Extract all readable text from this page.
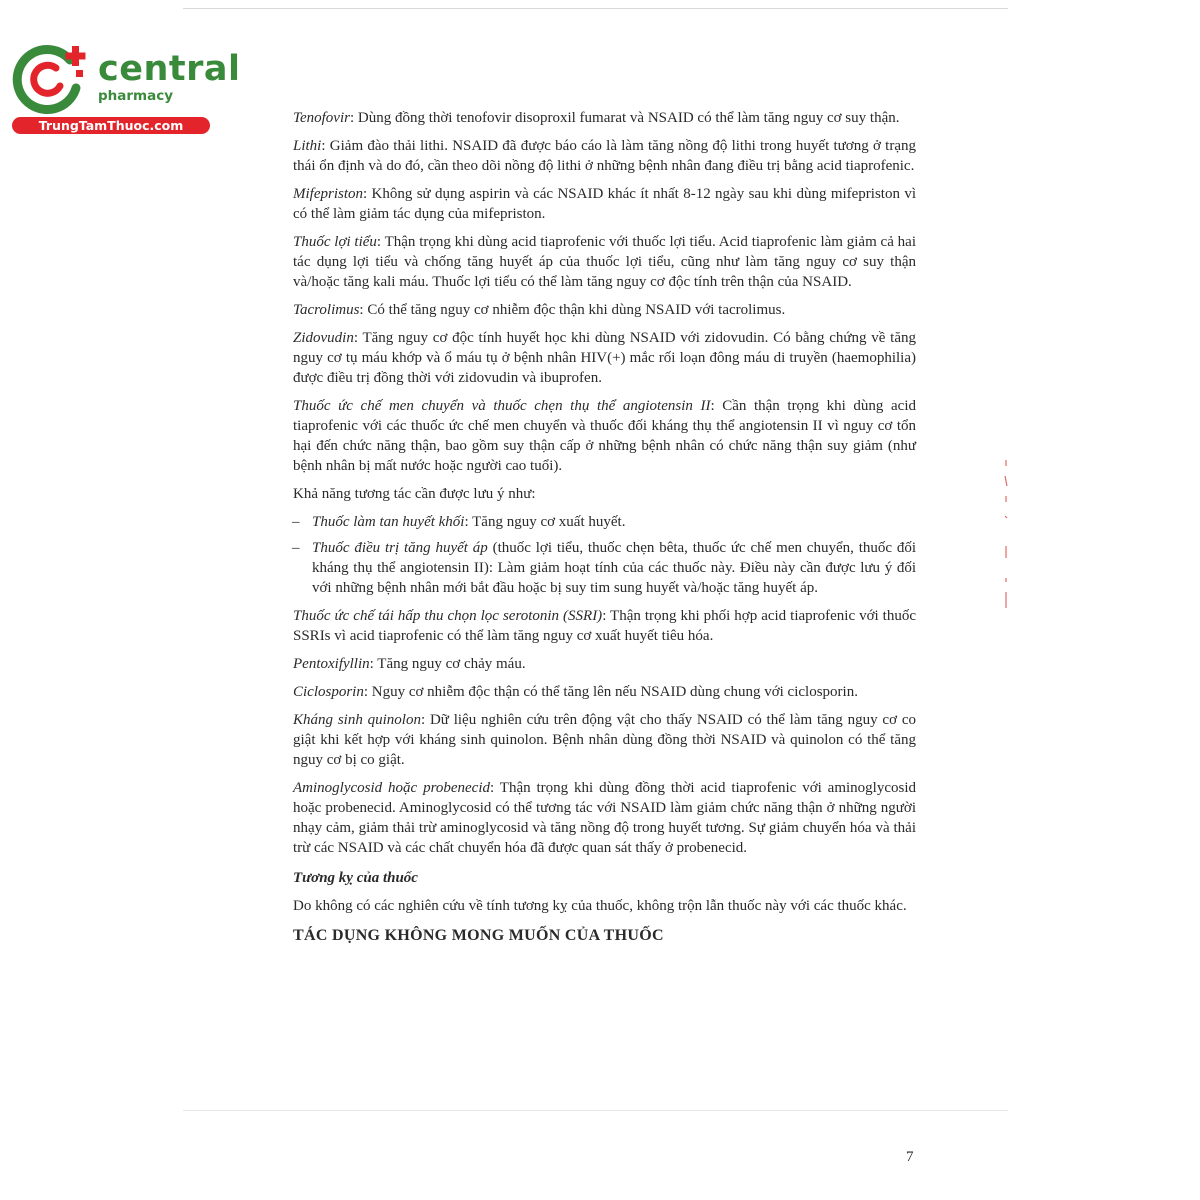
central
pharmacy
TrungTamThuoc.com	Tenofovir: Dùng đồng thời tenofovir disoproxil fumarat và NSAID có thể làm tăng nguy cơ suy thận.

Lithi: Giảm đào thải lithi. NSAID đã được báo cáo là làm tăng nồng độ lithi trong huyết tương ở trạng thái ổn định và do đó, cần theo dõi nồng độ lithi ở những bệnh nhân đang điều trị bằng acid tiaprofenic.

Mifepriston: Không sử dụng aspirin và các NSAID khác ít nhất 8-12 ngày sau khi dùng mifepriston vì có thể làm giảm tác dụng của mifepriston.

Thuốc lợi tiểu: Thận trọng khi dùng acid tiaprofenic với thuốc lợi tiểu. Acid tiaprofenic làm giảm cả hai tác dụng lợi tiểu và chống tăng huyết áp của thuốc lợi tiểu, cũng như làm tăng nguy cơ suy thận và/hoặc tăng kali máu. Thuốc lợi tiểu có thể làm tăng nguy cơ độc tính trên thận của NSAID.

Tacrolimus: Có thể tăng nguy cơ nhiễm độc thận khi dùng NSAID với tacrolimus.

Zidovudin: Tăng nguy cơ độc tính huyết học khi dùng NSAID với zidovudin. Có bằng chứng về tăng nguy cơ tụ máu khớp và ổ máu tụ ở bệnh nhân HIV(+) mắc rối loạn đông máu di truyền (haemophilia) được điều trị đồng thời với zidovudin và ibuprofen.

Thuốc ức chế men chuyển và thuốc chẹn thụ thể angiotensin II: Cần thận trọng khi dùng acid tiaprofenic với các thuốc ức chế men chuyển và thuốc đối kháng thụ thể angiotensin II vì nguy cơ tổn hại đến chức năng thận, bao gồm suy thận cấp ở những bệnh nhân có chức năng thận suy giảm (như bệnh nhân bị mất nước hoặc người cao tuổi).

Khả năng tương tác cần được lưu ý như:

– Thuốc làm tan huyết khối: Tăng nguy cơ xuất huyết.
– Thuốc điều trị tăng huyết áp (thuốc lợi tiểu, thuốc chẹn bêta, thuốc ức chế men chuyển, thuốc đối kháng thụ thể angiotensin II): Làm giảm hoạt tính của các thuốc này. Điều này cần được lưu ý đối với những bệnh nhân mới bắt đầu hoặc bị suy tim sung huyết và/hoặc tăng huyết áp.

Thuốc ức chế tái hấp thu chọn lọc serotonin (SSRI): Thận trọng khi phối hợp acid tiaprofenic với thuốc SSRIs vì acid tiaprofenic có thể làm tăng nguy cơ xuất huyết tiêu hóa.

Pentoxifyllin: Tăng nguy cơ chảy máu.

Ciclosporin: Nguy cơ nhiễm độc thận có thể tăng lên nếu NSAID dùng chung với ciclosporin.

Kháng sinh quinolon: Dữ liệu nghiên cứu trên động vật cho thấy NSAID có thể làm tăng nguy cơ co giật khi kết hợp với kháng sinh quinolon. Bệnh nhân dùng đồng thời NSAID và quinolon có thể tăng nguy cơ bị co giật.

Aminoglycosid hoặc probenecid: Thận trọng khi dùng đồng thời acid tiaprofenic với aminoglycosid hoặc probenecid. Aminoglycosid có thể tương tác với NSAID làm giảm chức năng thận ở những người nhạy cảm, giảm thải trừ aminoglycosid và tăng nồng độ trong huyết tương. Sự giảm chuyển hóa và thải trừ các NSAID và các chất chuyển hóa đã được quan sát thấy ở probenecid.

Tương kỵ của thuốc

Do không có các nghiên cứu về tính tương kỵ của thuốc, không trộn lẫn thuốc này với các thuốc khác.

TÁC DỤNG KHÔNG MONG MUỐN CỦA THUỐC
7
